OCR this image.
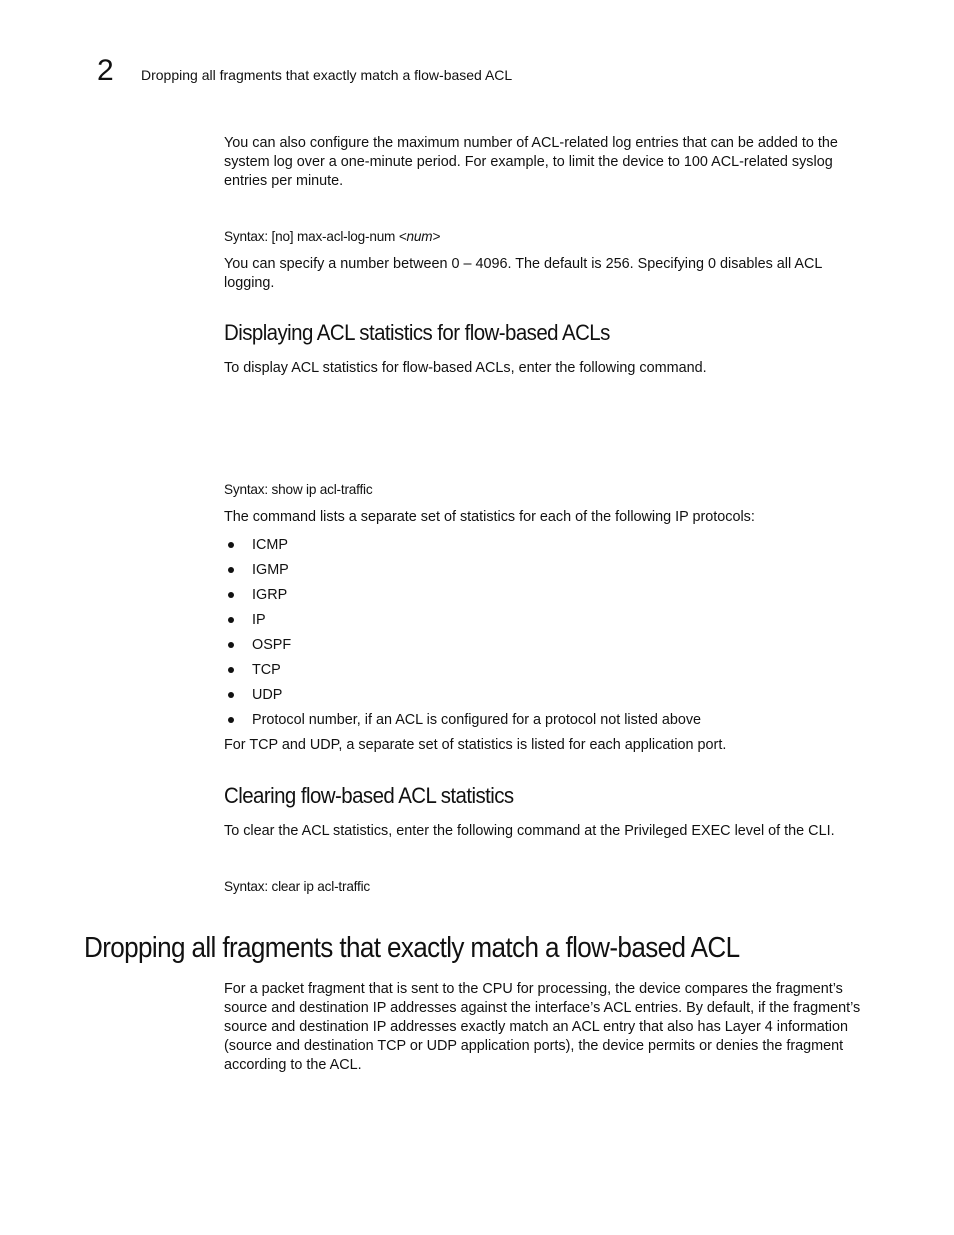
2 Dropping all fragments that exactly match a flow-based ACL

You can also configure the maximum number of ACL-related log entries that can be added to the system log over a one-minute period. For example, to limit the device to 100 ACL-related syslog entries per minute.

Syntax: [no] max-acl-log-num <num>

You can specify a number between 0 – 4096. The default is 256. Specifying 0 disables all ACL logging.

Displaying ACL statistics for flow-based ACLs

To display ACL statistics for flow-based ACLs, enter the following command.

Syntax: show ip acl-traffic

The command lists a separate set of statistics for each of the following IP protocols:

ICMP
IGMP
IGRP
IP
OSPF
TCP
UDP
Protocol number, if an ACL is configured for a protocol not listed above

For TCP and UDP, a separate set of statistics is listed for each application port.

Clearing flow-based ACL statistics

To clear the ACL statistics, enter the following command at the Privileged EXEC level of the CLI.

Syntax: clear ip acl-traffic

Dropping all fragments that exactly match a flow-based ACL

For a packet fragment that is sent to the CPU for processing, the device compares the fragment’s source and destination IP addresses against the interface’s ACL entries. By default, if the fragment’s source and destination IP addresses exactly match an ACL entry that also has Layer 4 information (source and destination TCP or UDP application ports), the device permits or denies the fragment according to the ACL.
